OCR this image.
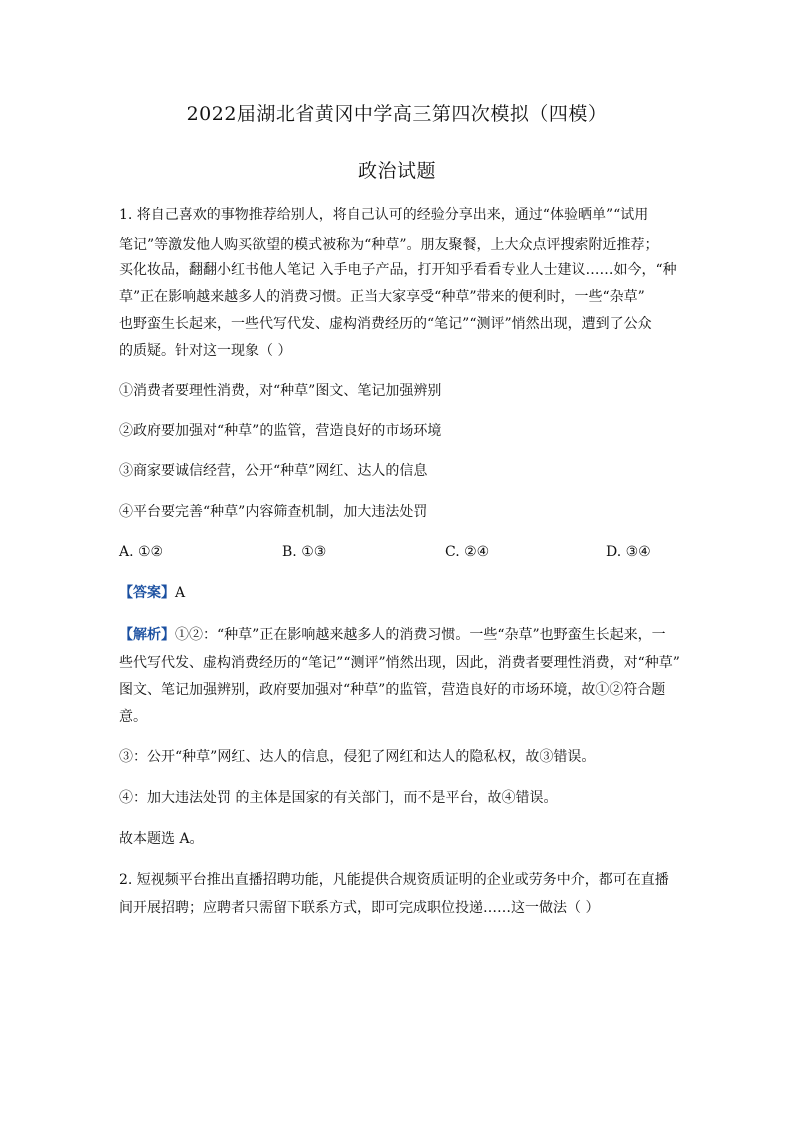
2022届湖北省黄冈中学高三第四次模拟（四模）
政治试题
1. 将自己喜欢的事物推荐给别人，将自己认可的经验分享出来，通过“体验晒单”“试用
笔记”等激发他人购买欲望的模式被称为“种草”。朋友聚餐，上大众点评搜索附近推荐；
买化妆品，翻翻小红书他人笔记 入手电子产品，打开知乎看看专业人士建议……如今，“种
草”正在影响越来越多人的消费习惯。正当大家享受“种草”带来的便利时，一些“杂草”
也野蛮生长起来，一些代写代发、虚构消费经历的“笔记”“测评”悄然出现，遭到了公众
的质疑。针对这一现象（ ）
①消费者要理性消费，对“种草”图文、笔记加强辨别
②政府要加强对“种草”的监管，营造良好的市场环境
③商家要诚信经营，公开“种草”网红、达人的信息
④平台要完善“种草”内容筛查机制，加大违法处罚
A. ①②	B. ①③	C. ②④	D. ③④
【答案】A
【解析】①②：“种草”正在影响越来越多人的消费习惯。一些“杂草”也野蛮生长起来，一
些代写代发、虚构消费经历的“笔记”“测评”悄然出现，因此，消费者要理性消费，对“种草”
图文、笔记加强辨别，政府要加强对“种草”的监管，营造良好的市场环境，故①②符合题
意。
③：公开“种草”网红、达人的信息，侵犯了网红和达人的隐私权，故③错误。
④：加大违法处罚 的主体是国家的有关部门，而不是平台，故④错误。
故本题选 A。
2. 短视频平台推出直播招聘功能，凡能提供合规资质证明的企业或劳务中介，都可在直播
间开展招聘；应聘者只需留下联系方式，即可完成职位投递……这一做法（ ）
